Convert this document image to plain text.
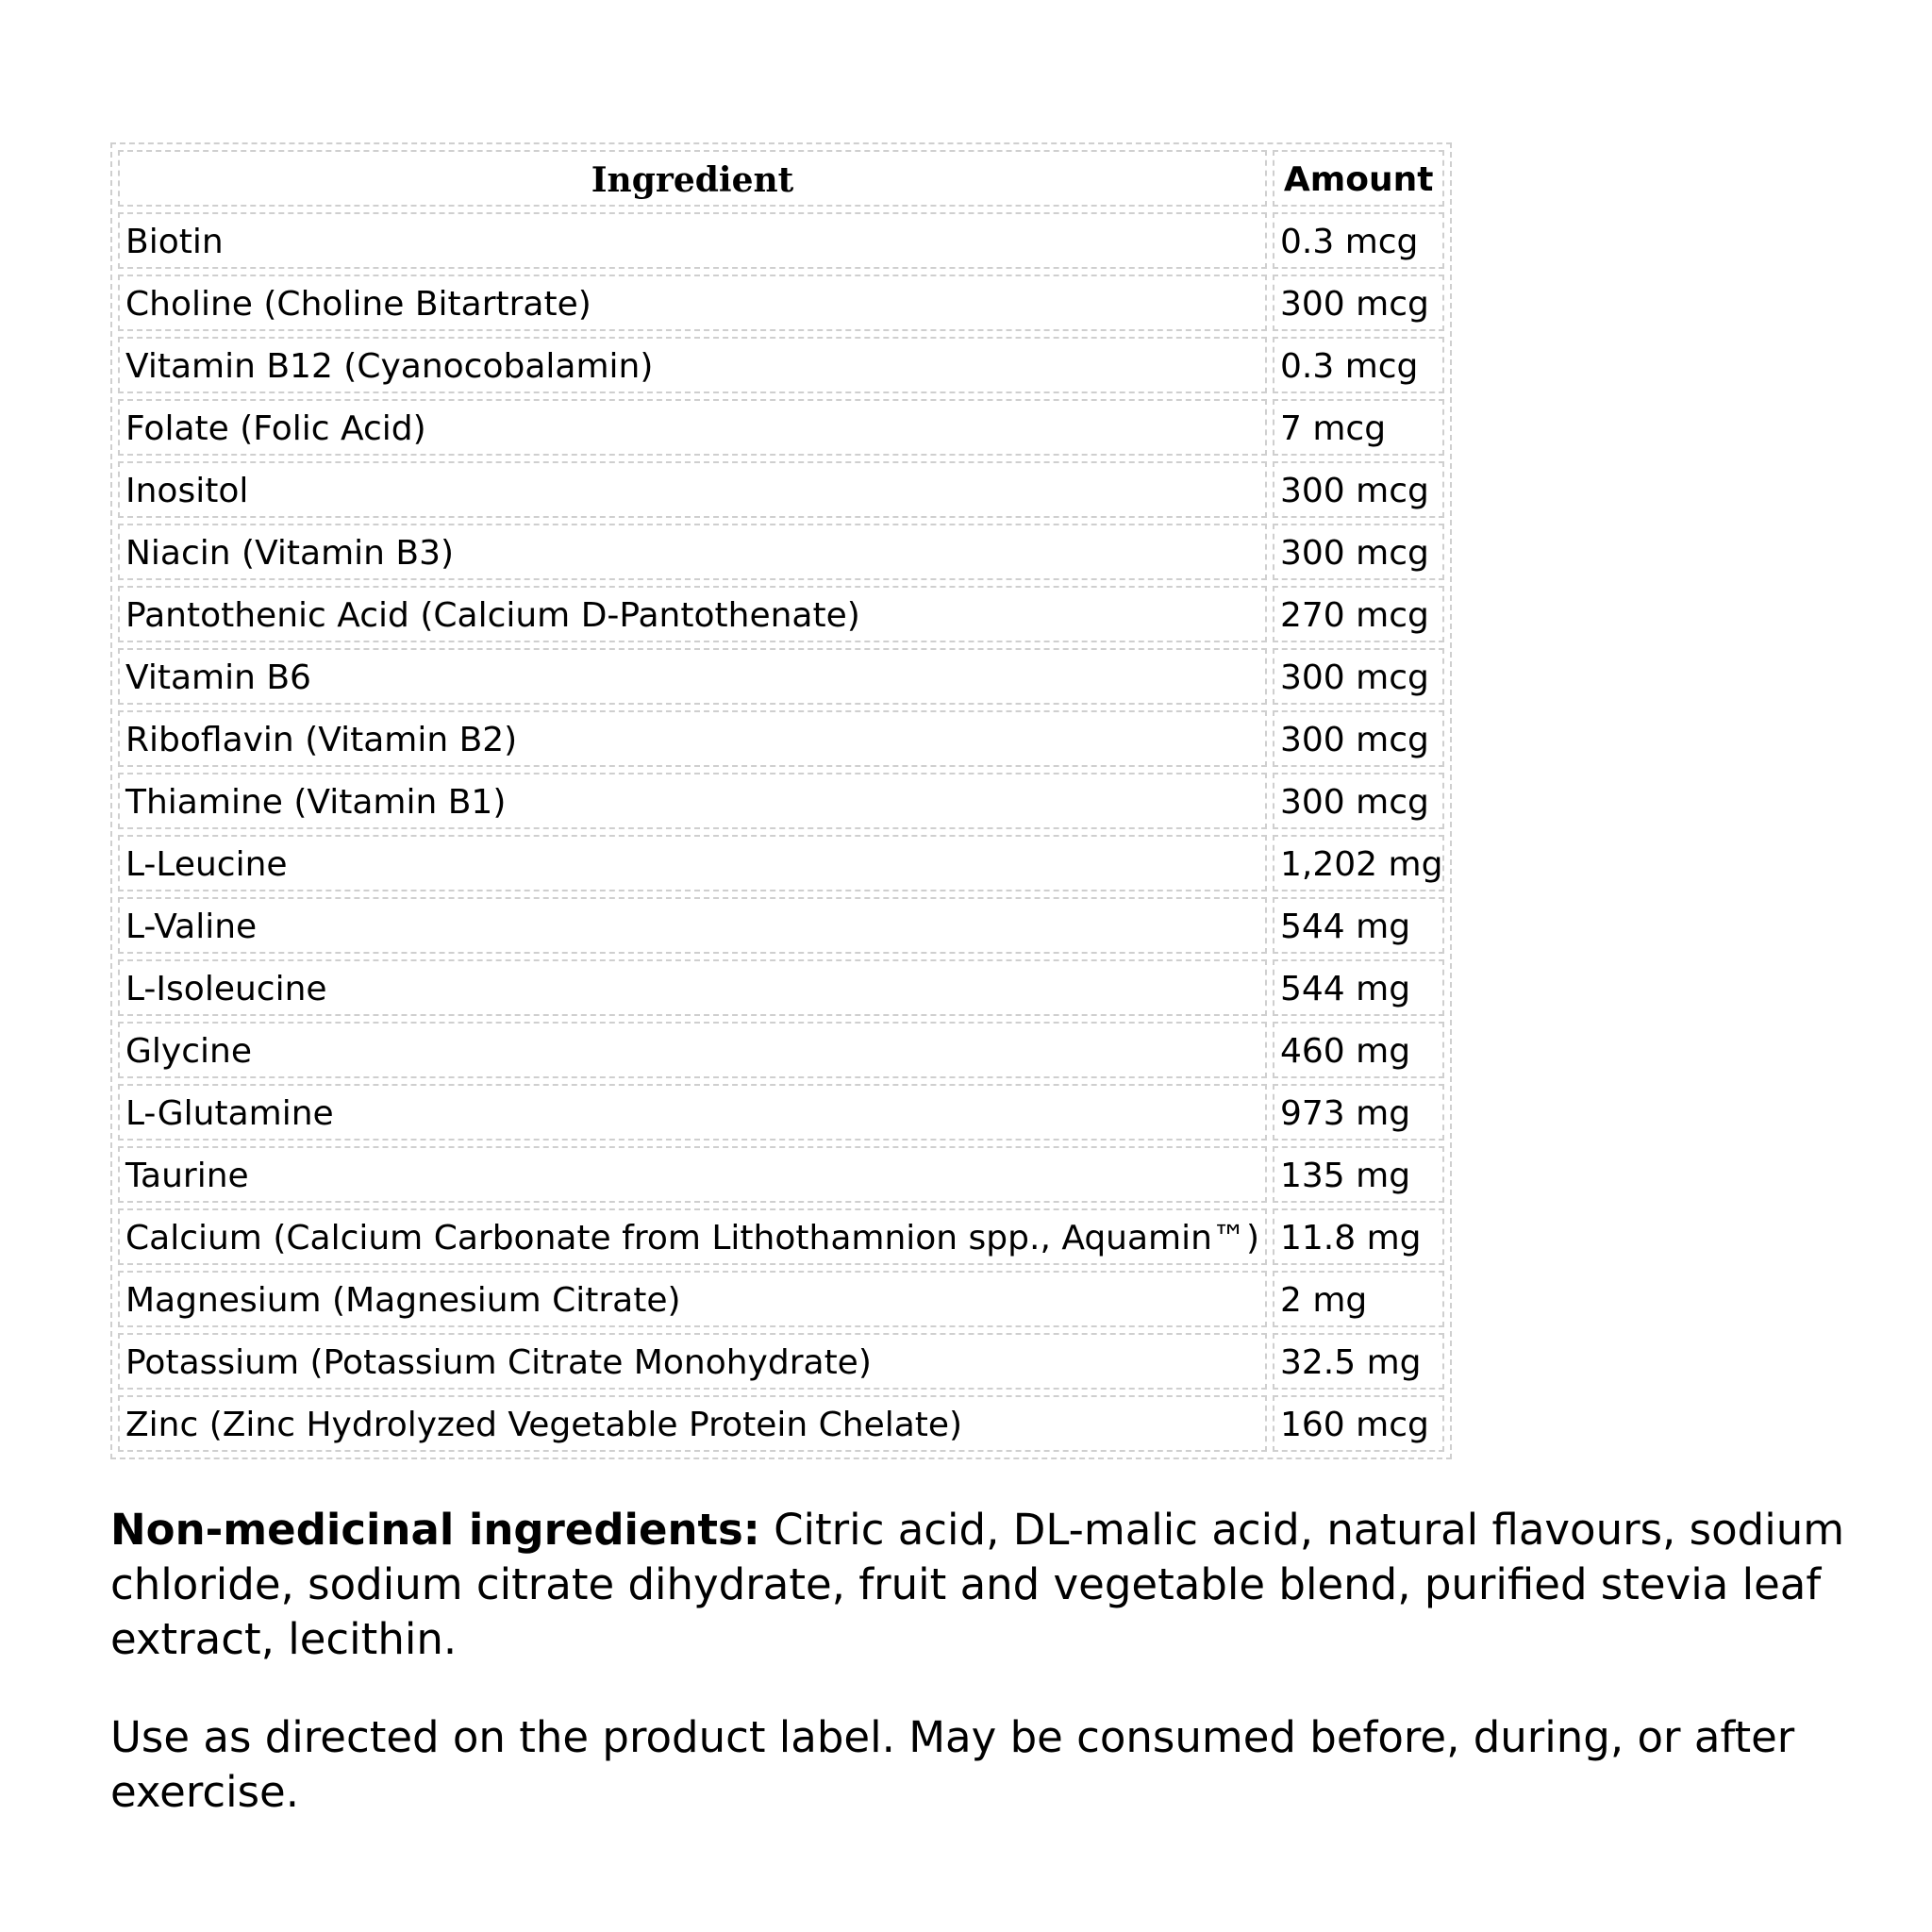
Ingredient	Amount
Biotin	0.3 mcg
Choline (Choline Bitartrate)	300 mcg
Vitamin B12 (Cyanocobalamin)	0.3 mcg
Folate (Folic Acid)	7 mcg
Inositol	300 mcg
Niacin (Vitamin B3)	300 mcg
Pantothenic Acid (Calcium D-Pantothenate)	270 mcg
Vitamin B6	300 mcg
Riboflavin (Vitamin B2)	300 mcg
Thiamine (Vitamin B1)	300 mcg
L-Leucine	1,202 mg
L-Valine	544 mg
L-Isoleucine	544 mg
Glycine	460 mg
L-Glutamine	973 mg
Taurine	135 mg
Calcium (Calcium Carbonate from Lithothamnion spp., Aquamin™)	11.8 mg
Magnesium (Magnesium Citrate)	2 mg
Potassium (Potassium Citrate Monohydrate)	32.5 mg
Zinc (Zinc Hydrolyzed Vegetable Protein Chelate)	160 mcg

Non-medicinal ingredients: Citric acid, DL-malic acid, natural flavours, sodium chloride, sodium citrate dihydrate, fruit and vegetable blend, purified stevia leaf extract, lecithin.

Use as directed on the product label. May be consumed before, during, or after exercise.
